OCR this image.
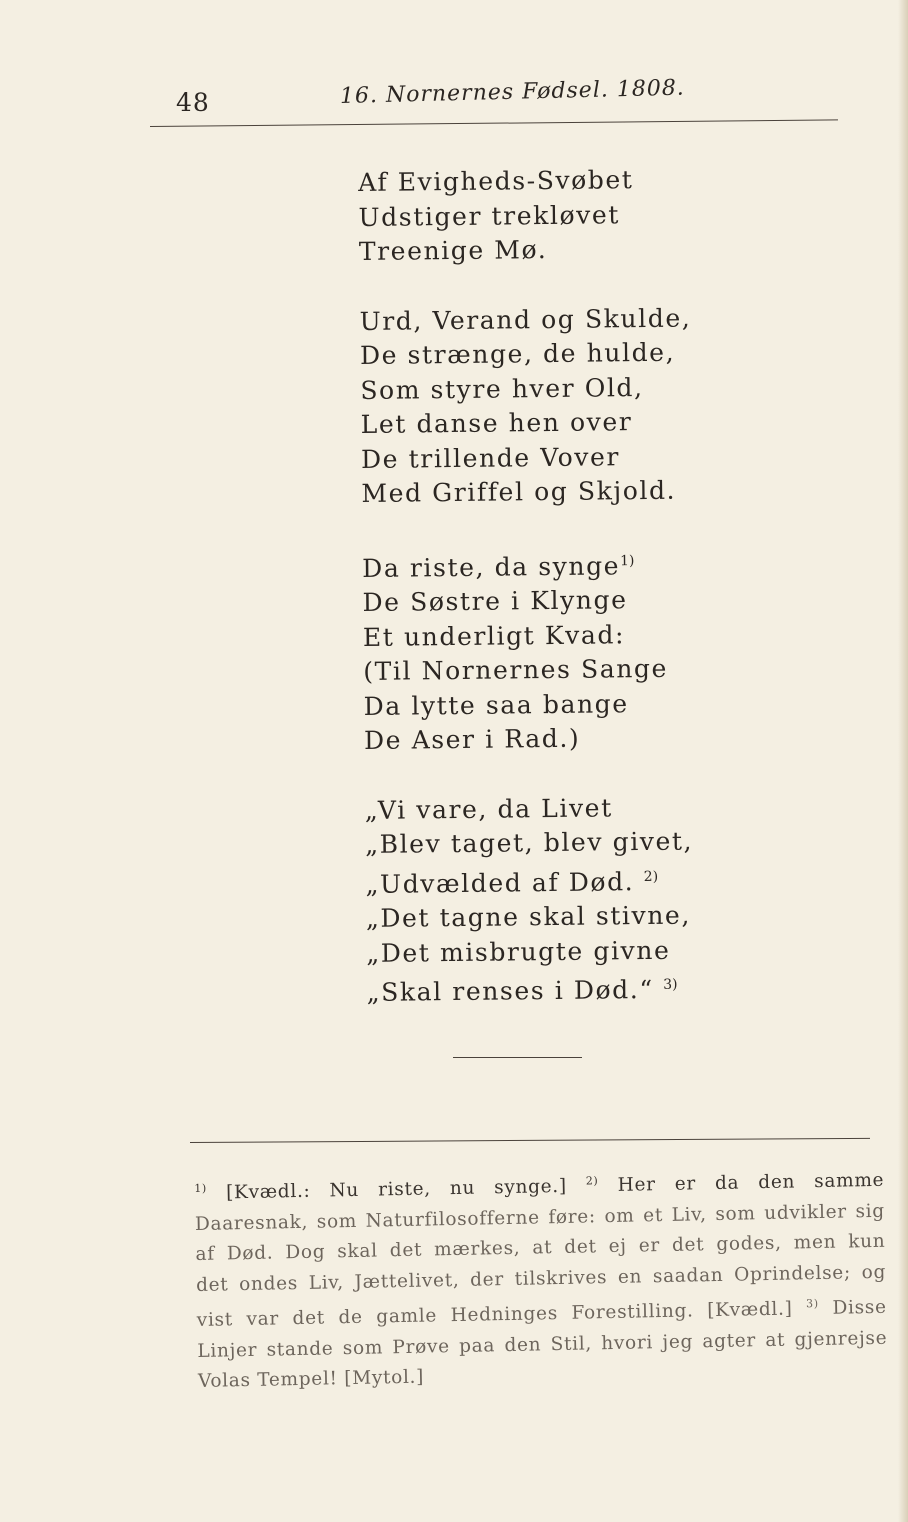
48	16. Nornernes Fødsel. 1808.
Af Evigheds-Svøbet
Udstiger trekløvet
Treenige Mø.
Urd, Verand og Skulde,
De strænge, de hulde,
Som styre hver Old,
Let danse hen over
De trillende Vover
Med Griffel og Skjold.
Da riste, da synge$^{1)}$
De Søstre i Klynge
Et underligt Kvad:
(Til Nornernes Sange
Da lytte saa bange
De Aser i Rad.)
„Vi vare, da Livet
„Blev taget, blev givet,
„Udvælded af Død. $^{2)}$
„Det tagne skal stivne,
„Det misbrugte givne
„Skal renses i Død.“ $^{3)}$
$^{1)}$ [Kvædl.: Nu riste, nu synge.] $^{2)}$ Her er da den samme
Daaresnak, som Naturfilosofferne føre: om et Liv, som udvikler sig
af Død. Dog skal det mærkes, at det ej er det godes, men kun
det ondes Liv, Jættelivet, der tilskrives en saadan Oprindelse; og
vist var det de gamle Hedninges Forestilling. [Kvædl.] $^{3)}$ Disse
Linjer stande som Prøve paa den Stil, hvori jeg agter at gjenrejse
Volas Tempel! [Mytol.]
